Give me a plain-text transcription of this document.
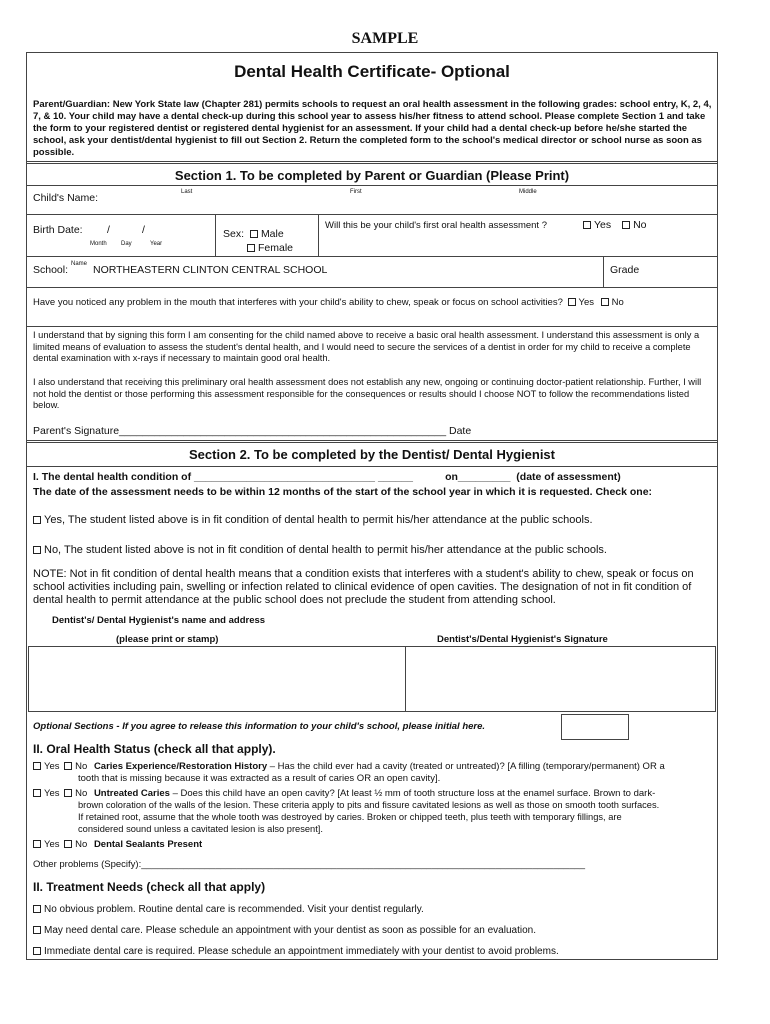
SAMPLE
Dental Health Certificate- Optional
Parent/Guardian: New York State law (Chapter 281) permits schools to request an oral health assessment in the following grades: school entry, K, 2, 4, 7, & 10. Your child may have a dental check-up during this school year to assess his/her fitness to attend school. Please complete Section 1 and take the form to your registered dentist or registered dental hygienist for an assessment. If your child had a dental check-up before he/she started the school, ask your dentist/dental hygienist to fill out Section 2. Return the completed form to the school's medical director or school nurse as soon as possible.
Section 1. To be completed by Parent or Guardian (Please Print)
Child's Name:	Last	First	Middle
Birth Date: /	/
Month Day	Year
Sex: Male
Female
Will this be your child's first oral health assessment ?	Yes No
School: Name NORTHEASTERN CLINTON CENTRAL SCHOOL	Grade
Have you noticed any problem in the mouth that interferes with your child's ability to chew, speak or focus on school activities? Yes No
I understand that by signing this form I am consenting for the child named above to receive a basic oral health assessment. I understand this assessment is only a limited means of evaluation to assess the student's dental health, and I would need to secure the services of a dentist in order for my child to receive a complete dental examination with x-rays if necessary to maintain good oral health.
I also understand that receiving this preliminary oral health assessment does not establish any new, ongoing or continuing doctor-patient relationship. Further, I will not hold the dentist or those performing this assessment responsible for the consequences or results should I choose NOT to follow the recommendations listed below.
Parent's Signature________________________________________________________ Date
Section 2. To be completed by the Dentist/ Dental Hygienist
I. The dental health condition of _______________________________ ______           on_________  (date of assessment)
The date of the assessment needs to be within 12 months of the start of the school year in which it is requested. Check one:
Yes, The student listed above is in fit condition of dental health to permit his/her attendance at the public schools.
No, The student listed above is not in fit condition of dental health to permit his/her attendance at the public schools.
NOTE: Not in fit condition of dental health means that a condition exists that interferes with a student's ability to chew, speak or focus on school activities including pain, swelling or infection related to clinical evidence of open cavities. The designation of not in fit condition of dental health to permit attendance at the public school does not preclude the student from attending school.
Dentist's/ Dental Hygienist's name and address
(please print or stamp)	Dentist's/Dental Hygienist's Signature
Optional Sections - If you agree to release this information to your child's school, please initial here.
II. Oral Health Status (check all that apply).
Yes No Caries Experience/Restoration History – Has the child ever had a cavity (treated or untreated)? [A filling (temporary/permanent) OR a
tooth that is missing because it was extracted as a result of caries OR an open cavity].
Yes No Untreated Caries – Does this child have an open cavity? [At least ½ mm of tooth structure loss at the enamel surface. Brown to dark-
brown coloration of the walls of the lesion. These criteria apply to pits and fissure cavitated lesions as well as those on smooth tooth surfaces.
If retained root, assume that the whole tooth was destroyed by caries. Broken or chipped teeth, plus teeth with temporary fillings, are
considered sound unless a cavitated lesion is also present].
Yes No Dental Sealants Present
Other problems (Specify):____________________________________________________________________________________
II. Treatment Needs (check all that apply)
No obvious problem. Routine dental care is recommended. Visit your dentist regularly.
May need dental care. Please schedule an appointment with your dentist as soon as possible for an evaluation.
Immediate dental care is required. Please schedule an appointment immediately with your dentist to avoid problems.
